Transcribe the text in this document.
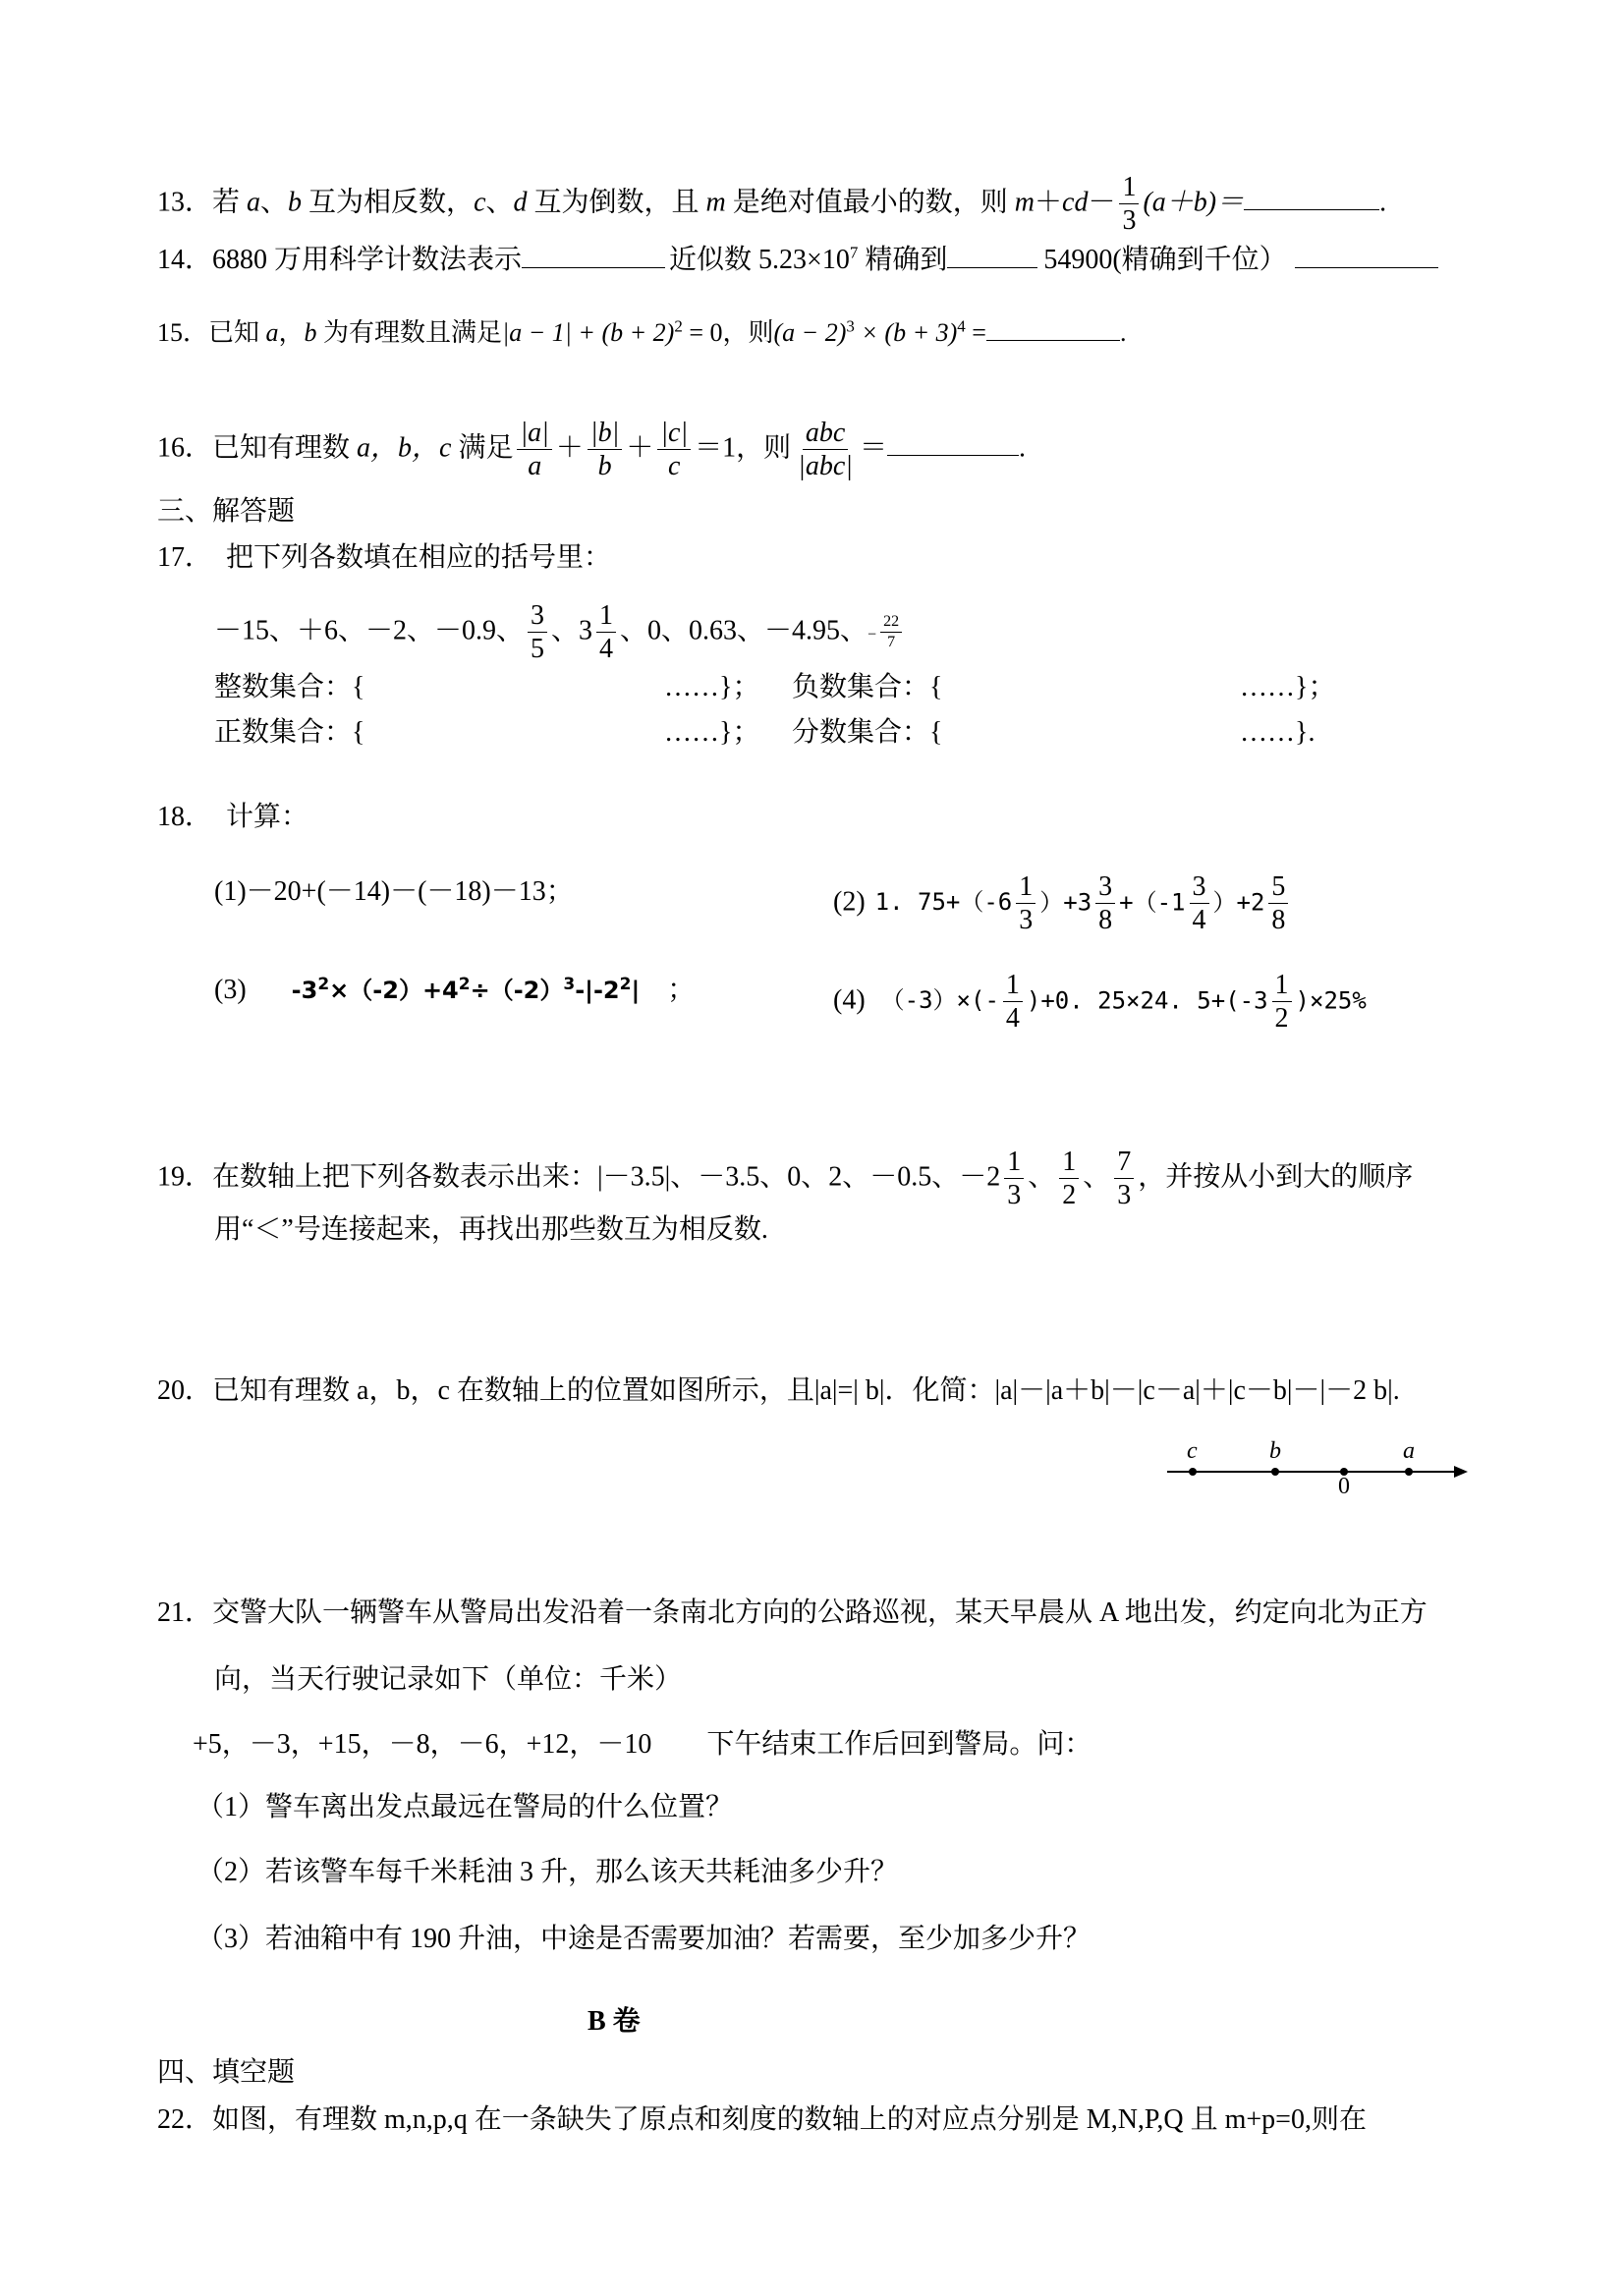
13．若 a、b 互为相反数，c、d 互为倒数，且 m 是绝对值最小的数，则 $m+cd- \frac{1}{3} (a+b)=$	.
14．6880 万用科学计数法表示	近似数 $5.23\times 10^7$ 精确到	54900(精确到千位）
15．已知 a，b 为有理数且满足$|a - 1| + (b + 2)^2 = 0$，则$(a - 2)^3 \times (b + 3)^4$ =	.
16．已知有理数 a，b，c 满足 $\frac{|a|}{a} + \frac{|b|}{b} + \frac{|c|}{c} =1$，则 $\frac{\text{abc}}{\text{|abc|}}$ ＝	.
三、解答题
17． 把下列各数填在相应的括号里：
－15、＋6、－2、－0.9、 $\frac{3}{5}$ 、$3 \frac{1}{4}$ 、0、0.63、－4.95、− $\frac{22}{7}$
整数集合：{	……}； 负数集合：{	……}；
正数集合：{	……}； 分数集合：{	……}.
18． 计算：
(1)－20+(－14)－(－18)－13；	(2) 1. $75+(-6 \frac{1}{3} )+3 \frac{3}{8} +(-1 \frac{3}{4} )+2 \frac{5}{8}$
(3) $-3^2\times(-2)+4^2\div(-2)^3-|-2^2|$ ；	(4) $(-3)\times(- \frac{1}{4} )+0$. 25×24. $5+(-3 \frac{1}{2} )\times 25\%$
19．在数轴上把下列各数表示出来：|－3.5|、－3.5、0、2、－0.5、$-2 \frac{1}{3}$ 、 $\frac{1}{2}$ 、 $\frac{7}{3}$ ，并按从小到大的顺序
用“＜”号连接起来，再找出那些数互为相反数.
20．已知有理数 a，b，c 在数轴上的位置如图所示，且|a|=| b|．化简：|a|－|a＋b|－|c－a|＋|c－b|－|－2 b|.
c	b
0
a
21．交警大队一辆警车从警局出发沿着一条南北方向的公路巡视，某天早晨从 A 地出发，约定向北为正方
向，当天行驶记录如下（单位：千米）
+5，－3，+15，－8，－6，+12，－10 下午结束工作后回到警局。问：
（1）警车离出发点最远在警局的什么位置？
（2）若该警车每千米耗油 3 升，那么该天共耗油多少升？
（3）若油箱中有 190 升油，中途是否需要加油？若需要，至少加多少升？
B 卷
四、填空题
22．如图，有理数 m,n,p,q 在一条缺失了原点和刻度的数轴上的对应点分别是 M,N,P,Q 且 m+p=0,则在
